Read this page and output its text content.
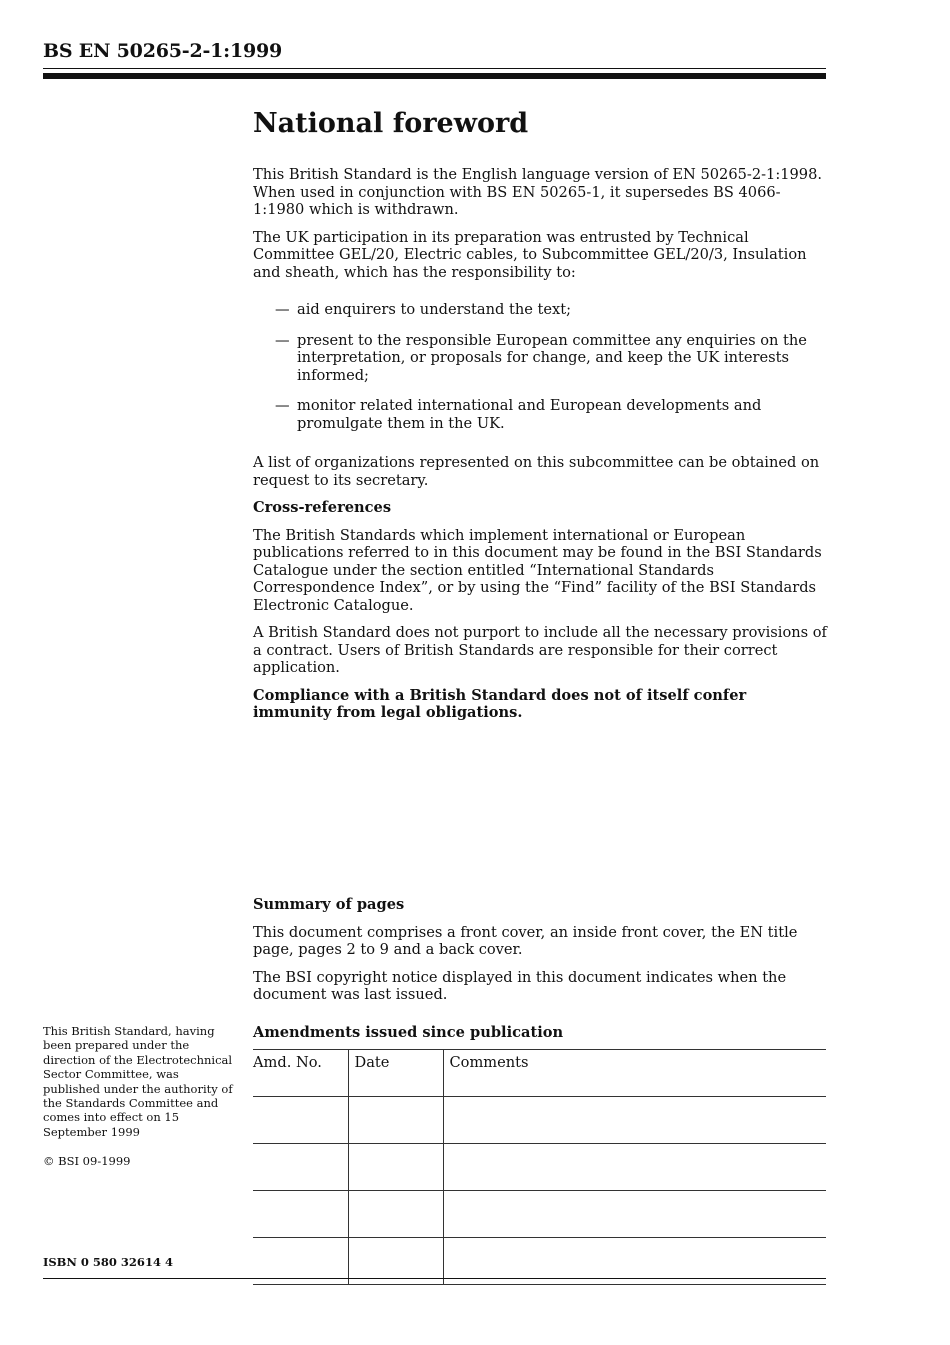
BS EN 50265-2-1:1999
National foreword

This British Standard is the English language version of EN 50265-2-1:1998. When used in conjunction with BS EN 50265-1, it supersedes BS 4066-1:1980 which is withdrawn.

The UK participation in its preparation was entrusted by Technical Committee GEL/20, Electric cables, to Subcommittee GEL/20/3, Insulation and sheath, which has the responsibility to:

— aid enquirers to understand the text;
— present to the responsible European committee any enquiries on the interpretation, or proposals for change, and keep the UK interests informed;
— monitor related international and European developments and promulgate them in the UK.

A list of organizations represented on this subcommittee can be obtained on request to its secretary.

Cross-references

The British Standards which implement international or European publications referred to in this document may be found in the BSI Standards Catalogue under the section entitled “International Standards Correspondence Index”, or by using the “Find” facility of the BSI Standards Electronic Catalogue.

A British Standard does not purport to include all the necessary provisions of a contract. Users of British Standards are responsible for their correct application.

Compliance with a British Standard does not of itself confer immunity from legal obligations.

Summary of pages

This document comprises a front cover, an inside front cover, the EN title page, pages 2 to 9 and a back cover.

The BSI copyright notice displayed in this document indicates when the document was last issued.

Amendments issued since publication
Amd. No.	Date	Comments

This British Standard, having been prepared under the direction of the Electrotechnical Sector Committee, was published under the authority of the Standards Committee and comes into effect on 15 September 1999
© BSI 09-1999
ISBN 0 580 32614 4
